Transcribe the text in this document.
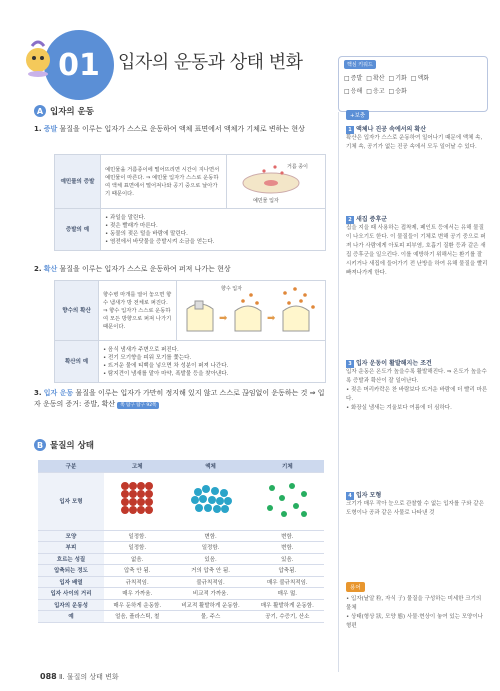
01 입자의 운동과 상태 변화	핵심 키워드
□ 증발	□ 확산	□ 기화	□ 액화
□ 응해	□ 응고	□ 승화
A 입자의 운동
1. 증발 물질을 이루는 입자가 스스로 운동하여 액체 표면에서 액체가 기체로 변하는 현상
예민물의 증발	예민물을 거름종이에 떨어뜨리면 시간이 지나면서 예민물이 마른다. ⇒ 예민물 입자가 스스로 운동하여 액체 표면에서 떨어져나와 공기 중으로 날아가기 때문이다.	거름 종이
예민물 입자

증발의 예	• 과일을 말린다.
• 젖은 빨래가 마른다.
• 동물의 젖은 털을 바람에 말린다.
• 염전에서 바닷물을 증발시켜 소금을 얻는다.	
2. 확산 물질을 이루는 입자가 스스로 운동하여 퍼져 나가는 현상
향수의 확산	향수병 마개를 열어 놓으면 향수 냄새가 방 전체로 퍼진다. ⇒ 향수 입자가 스스로 운동하여 모든 방향으로 퍼져 나가기 때문이다.	➡ ➡
향수 입자

확산의 예	• 음식 냄새가 주변으로 퍼진다.
• 전기 모기향을 피워 모기를 쫓는다.
• 뜨거운 물에 티백을 넣으면 차 성분이 퍼져 나간다.
• 탐지견이 냄새를 맡아 마약, 폭발물 등을 찾아낸다.	
3. 입자 운동 물질을 이루는 입자가 가만히 정지해 있지 않고 스스로 끊임없이 운동하는 것 ⇒ 입자 운동의 증거: 증발, 확산 쪽 탐구 탐구 92쪽
B 물질의 상태
구분	고체	액체	기체
입자 모형			
모양	일정함.	변함.	변함.
부피	일정함.	일정함.	변함.
흐르는 성질	없음.	있음.	있음.
압축되는 정도	압축 안 됨.	거의 압축 안 됨.	압축됨.
입자 배열	규칙적임.	불규칙적임.	매우 불규칙적임.
입자 사이의 거리	매우 가까움.	비교적 가까움.	매우 멂.
입자의 운동성	매우 둔하게 운동함.	비교적 활발하게 운동함.	매우 활발하게 운동함.
예	얼음, 플라스틱, 철	물, 주스	공기, 수증기, 산소
+보충
1 액체나 진공 속에서의 확산
확산은 입자가 스스로 운동하여 일어나기 때문에 액체 속, 기체 속, 공기가 없는 진공 속에서 모두 일어날 수 있다.
2 새집 증후군
집을 지을 때 사용하는 접착제, 페인트 등에서는 유해 물질이 나오기도 한다. 이 물질들이 기체로 변해 공기 중으로 퍼져 나가 사람에게 아토피 피부염, 호흡기 질환 등과 같은 새집 증후군을 일으킨다. 이를 예방하기 위해서는 환기를 잘 시키거나 새집에 들어가기 전 난방을 하여 유해 물질을 빨리 빠져나가게 한다.
3 입자 운동이 활발해지는 조건
입자 운동은 온도가 높을수록 활발해진다. ⇒ 온도가 높을수록 증발과 확산이 잘 일어난다.
• 젖은 머리카락은 찬 바람보다 뜨거운 바람에 더 빨리 마른다.
• 화장실 냄새는 겨울보다 여름에 더 심하다.
4 입자 모형
크기가 매우 작아 눈으로 관찰할 수 없는 입자를 구와 같은 도형이나 공과 같은 사물로 나타낸 것
용어
• 입자(낱알 粒, 자식 子) 물질을 구성하는 미세한 크기의 물체
• 상태(형상 狀, 모양 態) 사물·현상이 놓여 있는 모양이나 형편
088 Ⅱ. 물질의 상태 변화
